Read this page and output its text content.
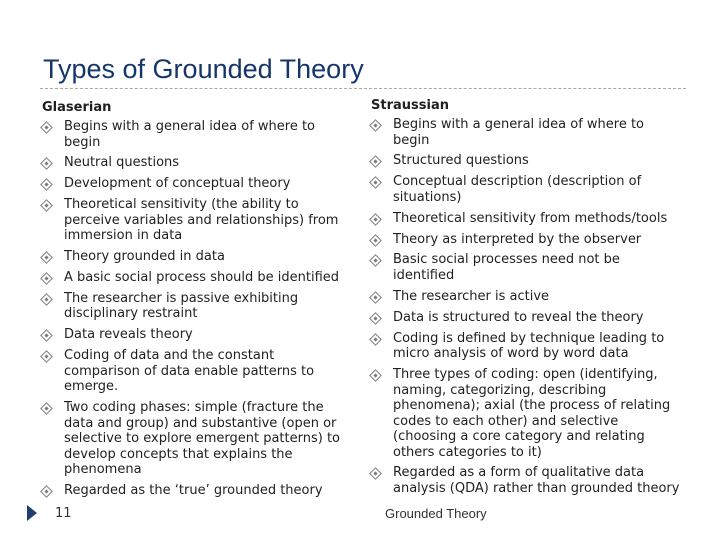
Types of Grounded Theory
Glaserian
Begins with a general idea of where to begin
Neutral questions
Development of conceptual theory
Theoretical sensitivity (the ability to perceive variables and relationships) from immersion in data
Theory grounded in data
A basic social process should be identified
The researcher is passive exhibiting disciplinary restraint
Data reveals theory
Coding of data and the constant comparison of data enable patterns to emerge.
Two coding phases: simple (fracture the data and group) and substantive (open or selective to explore emergent patterns) to develop concepts that explains the phenomena
Regarded as the ‘true’ grounded theory
Straussian
Begins with a general idea of where to begin
Structured questions
Conceptual description (description of situations)
Theoretical sensitivity from methods/tools
Theory as interpreted by the observer
Basic social processes need not be identified
The researcher is active
Data is structured to reveal the theory
Coding is defined by technique leading to micro analysis of word by word data
Three types of coding: open (identifying, naming, categorizing, describing phenomena); axial (the process of relating codes to each other) and selective (choosing a core category and relating others categories to it)
Regarded as a form of qualitative data analysis (QDA) rather than grounded theory
11	Grounded Theory
